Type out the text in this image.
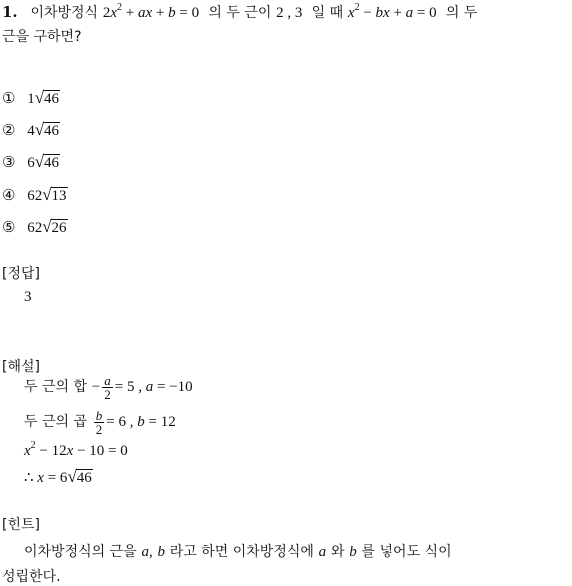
1. 이차방정식 $2x^2$ + ax + b = 0  의 두 근이 2 , 3  일 때 $x^2$ − bx + a = 0  의 두
근을 구하면?
① 1√46
② 4√46
③ 6√46
④ 62√13
⑤ 62√26
[정답]
3
[해설]
두 근의 합 − $\frac{a}{2} = 5$ , a = −10
두 근의 곱 $\frac{b}{2} = 6$ , b = 12
$x^2 - 12x - 10 = 0$
∴ x = 6√46
[힌트]
이차방정식의 근을 a, b 라고 하면 이차방정식에 a 와 b 를 넣어도 식이
성립한다.
